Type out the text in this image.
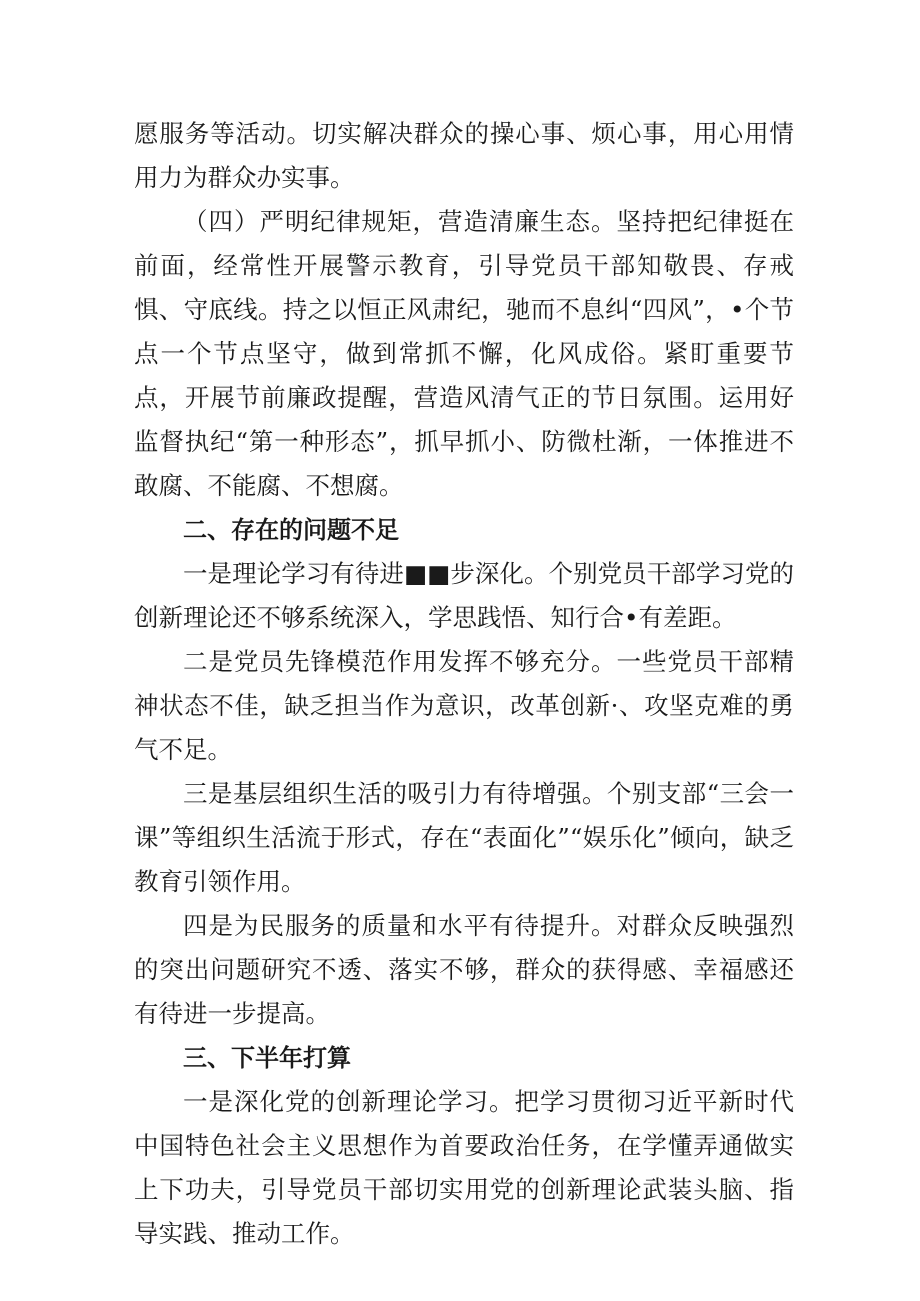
愿服务等活动。切实解决群众的操心事、烦心事，用心用情用力为群众办实事。

（四）严明纪律规矩，营造清廉生态。坚持把纪律挺在前面，经常性开展警示教育，引导党员干部知敬畏、存戒惧、守底线。持之以恒正风肃纪，驰而不息纠“四风”，•个节点一个节点坚守，做到常抓不懈，化风成俗。紧盯重要节点，开展节前廉政提醒，营造风清气正的节日氛围。运用好监督执纪“第一种形态”，抓早抓小、防微杜渐，一体推进不敢腐、不能腐、不想腐。

二、存在的问题不足

一是理论学习有待进■■步深化。个别党员干部学习党的创新理论还不够系统深入，学思践悟、知行合•有差距。

二是党员先锋模范作用发挥不够充分。一些党员干部精神状态不佳，缺乏担当作为意识，改革创新·、攻坚克难的勇气不足。

三是基层组织生活的吸引力有待增强。个别支部“三会一课”等组织生活流于形式，存在“表面化”“娱乐化”倾向，缺乏教育引领作用。

四是为民服务的质量和水平有待提升。对群众反映强烈的突出问题研究不透、落实不够，群众的获得感、幸福感还有待进一步提高。

三、下半年打算

一是深化党的创新理论学习。把学习贯彻习近平新时代中国特色社会主义思想作为首要政治任务，在学懂弄通做实上下功夫，引导党员干部切实用党的创新理论武装头脑、指导实践、推动工作。
